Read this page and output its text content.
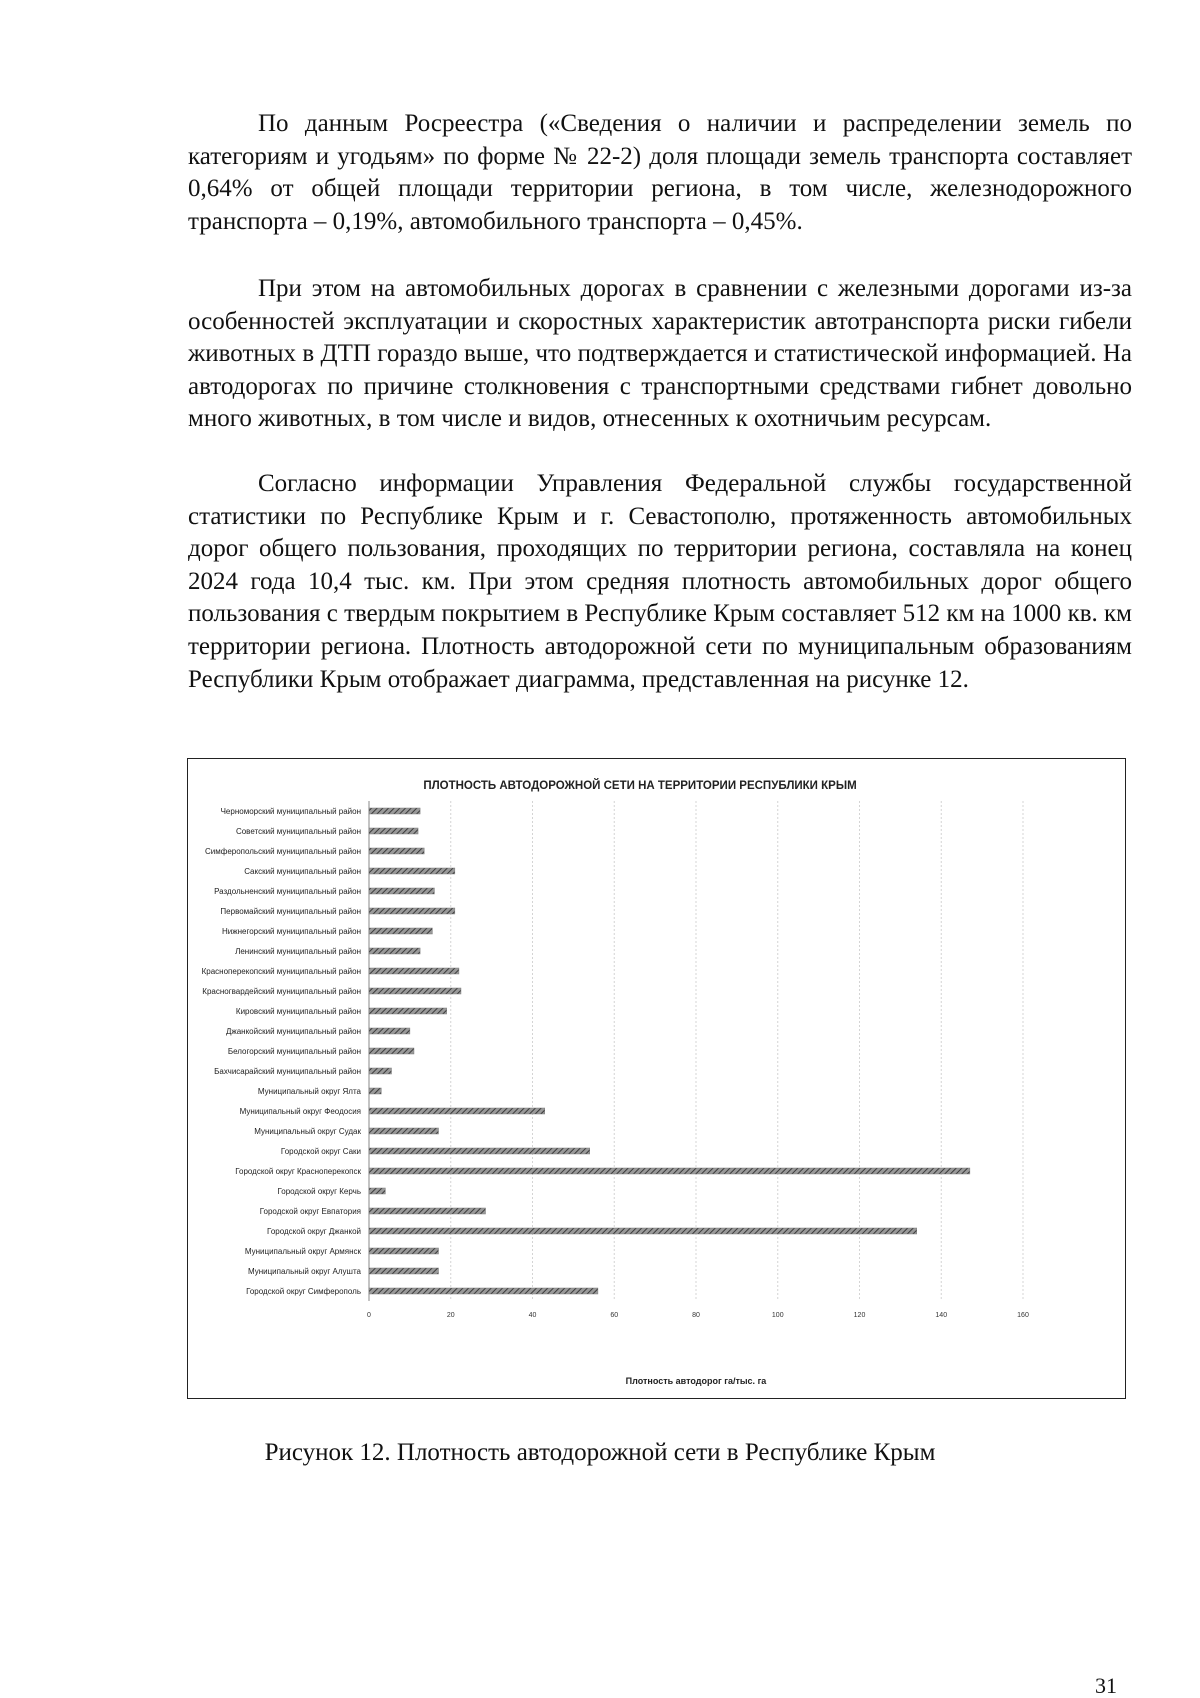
По данным Росреестра («Сведения о наличии и распределении земель по категориям и угодьям» по форме № 22-2) доля площади земель транспорта составляет 0,64% от общей площади территории региона, в том числе, железнодорожного транспорта – 0,19%, автомобильного транспорта – 0,45%.

При этом на автомобильных дорогах в сравнении с железными дорогами из-за особенностей эксплуатации и скоростных характеристик автотранспорта риски гибели животных в ДТП гораздо выше, что подтверждается и статистической информацией. На автодорогах по причине столкновения с транспортными средствами гибнет довольно много животных, в том числе и видов, отнесенных к охотничьим ресурсам.

Согласно информации Управления Федеральной службы государственной статистики по Республике Крым и г. Севастополю, протяженность автомобильных дорог общего пользования, проходящих по территории региона, составляла на конец 2024 года 10,4 тыс. км. При этом средняя плотность автомобильных дорог общего пользования с твердым покрытием в Республике Крым составляет 512 км на 1000 кв. км территории региона. Плотность автодорожной сети по муниципальным образованиям Республики Крым отображает диаграмма, представленная на рисунке 12.

ПЛОТНОСТЬ АВТОДОРОЖНОЙ СЕТИ НА ТЕРРИТОРИИ РЕСПУБЛИКИ КРЫМ
Черноморский муниципальный район
Советский муниципальный район
Симферопольский муниципальный район
Сакский муниципальный район
Раздольненский муниципальный район
Первомайский муниципальный район
Нижнегорский муниципальный район
Ленинский муниципальный район
Красноперекопский муниципальный район
Красногвардейский муниципальный район
Кировский муниципальный район
Джанкойский муниципальный район
Белогорский муниципальный район
Бахчисарайский муниципальный район
Муниципальный округ Ялта
Муниципальный округ Феодосия
Муниципальный округ Судак
Городской округ Саки
Городской округ Красноперекопск
Городской округ Керчь
Городской округ Евпатория
Городской округ Джанкой
Муниципальный округ Армянск
Муниципальный округ Алушта
Городской округ Симферополь
0	20	40	60	80	100	120	140	160
Плотность автодорог га/тыс. га

Рисунок 12. Плотность автодорожной сети в Республике Крым

31
